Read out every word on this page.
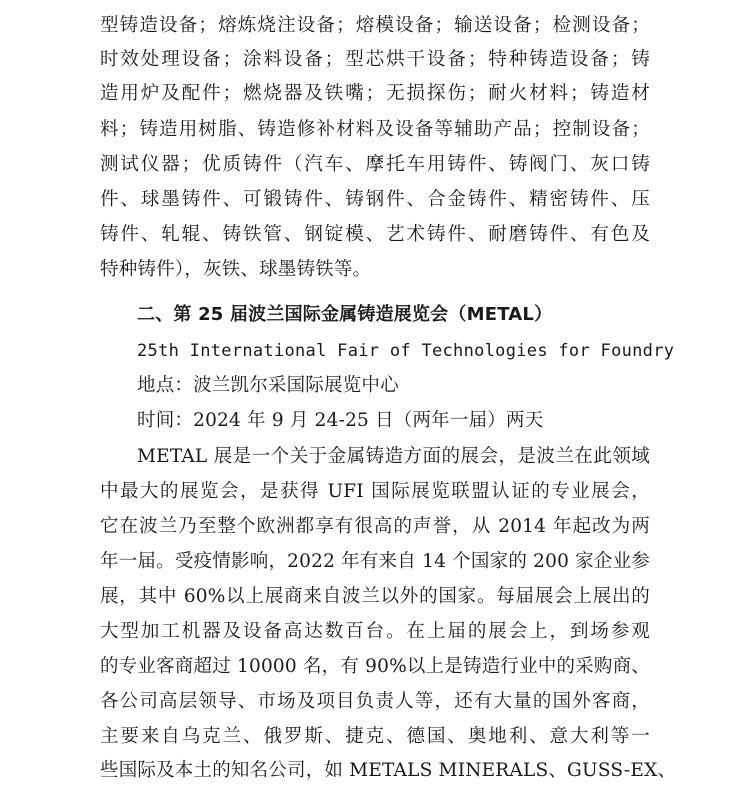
型铸造设备；熔炼烧注设备；熔模设备；输送设备；检测设备；
时效处理设备；涂料设备；型芯烘干设备；特种铸造设备；铸
造用炉及配件；燃烧器及铁嘴；无损探伤；耐火材料；铸造材
料；铸造用树脂、铸造修补材料及设备等辅助产品；控制设备；
测试仪器；优质铸件（汽车、摩托车用铸件、铸阀门、灰口铸
件、球墨铸件、可锻铸件、铸钢件、合金铸件、精密铸件、压
铸件、轧辊、铸铁管、钢锭模、艺术铸件、耐磨铸件、有色及
特种铸件），灰铁、球墨铸铁等。
二、第 25 届波兰国际金属铸造展览会（METAL）
25th International Fair of Technologies for Foundry
地点：波兰凯尔采国际展览中心
时间：2024 年 9 月 24-25 日（两年一届）两天
METAL 展是一个关于金属铸造方面的展会，是波兰在此领域
中最大的展览会，是获得 UFI 国际展览联盟认证的专业展会，
它在波兰乃至整个欧洲都享有很高的声誉，从 2014 年起改为两
年一届。受疫情影响，2022 年有来自 14 个国家的 200 家企业参
展，其中 60%以上展商来自波兰以外的国家。每届展会上展出的
大型加工机器及设备高达数百台。在上届的展会上，到场参观
的专业客商超过 10000 名，有 90%以上是铸造行业中的采购商、
各公司高层领导、市场及项目负责人等，还有大量的国外客商，
主要来自乌克兰、俄罗斯、捷克、德国、奥地利、意大利等一
些国际及本土的知名公司，如 METALS MINERALS、GUSS-EX、
